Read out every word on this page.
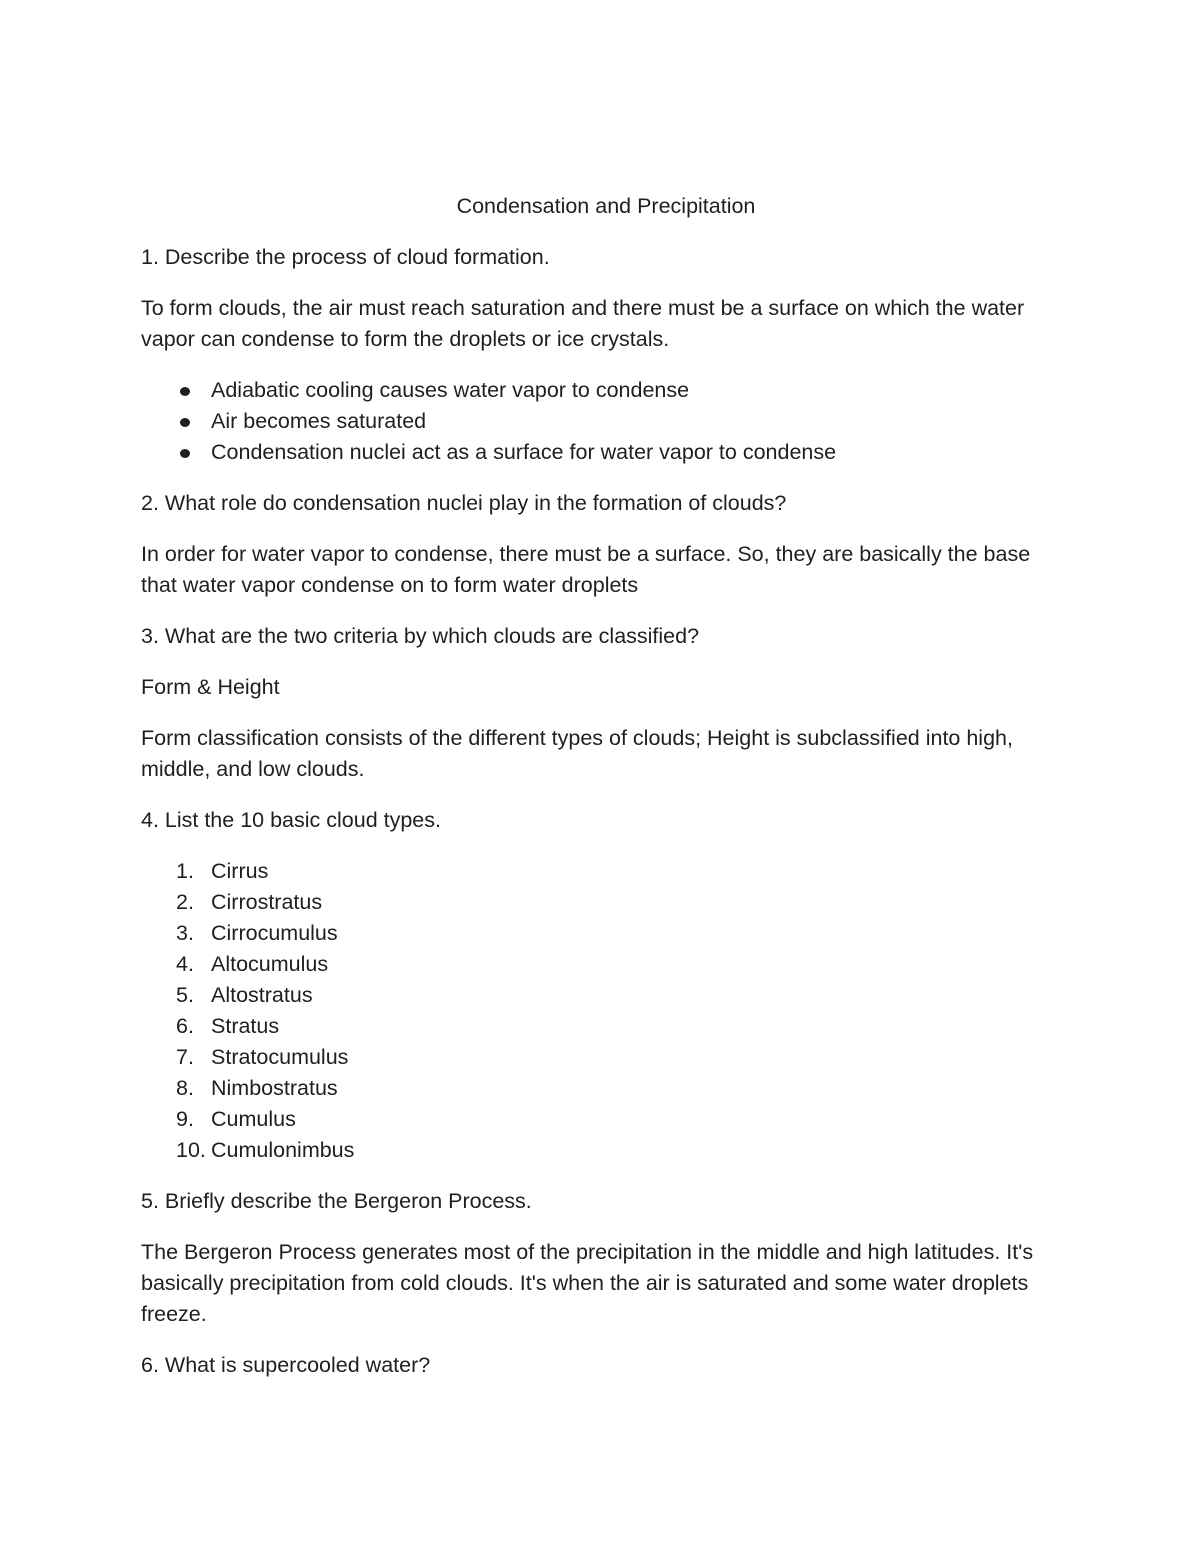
Condensation and Precipitation

1. Describe the process of cloud formation.

To form clouds, the air must reach saturation and there must be a surface on which the water vapor can condense to form the droplets or ice crystals.

Adiabatic cooling causes water vapor to condense
Air becomes saturated
Condensation nuclei act as a surface for water vapor to condense

2. What role do condensation nuclei play in the formation of clouds?

In order for water vapor to condense, there must be a surface. So, they are basically the base that water vapor condense on to form water droplets

3. What are the two criteria by which clouds are classified?

Form & Height

Form classification consists of the different types of clouds; Height is subclassified into high, middle, and low clouds.

4. List the 10 basic cloud types.

1. Cirrus
2. Cirrostratus
3. Cirrocumulus
4. Altocumulus
5. Altostratus
6. Stratus
7. Stratocumulus
8. Nimbostratus
9. Cumulus
10. Cumulonimbus

5. Briefly describe the Bergeron Process.

The Bergeron Process generates most of the precipitation in the middle and high latitudes. It's basically precipitation from cold clouds. It's when the air is saturated and some water droplets freeze.

6. What is supercooled water?
